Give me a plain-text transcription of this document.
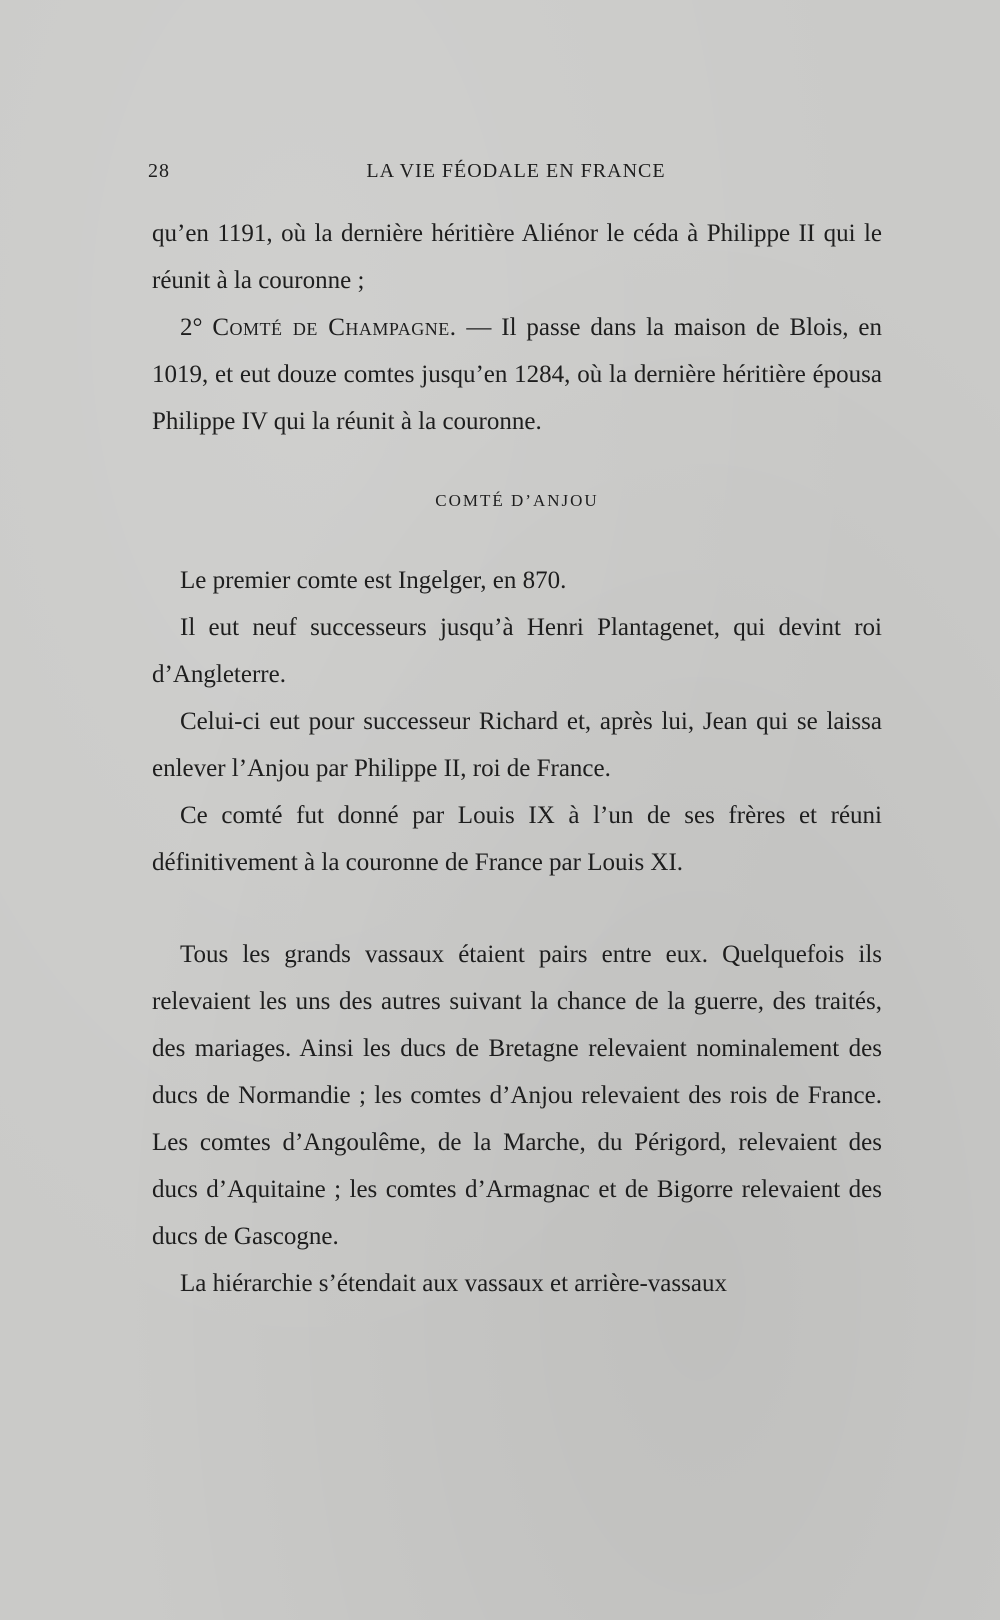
28	LA VIE FÉODALE EN FRANCE

qu’en 1191, où la dernière héritière Aliénor le céda à Philippe II qui le réunit à la couronne ;

2° Comté de Champagne. — Il passe dans la maison de Blois, en 1019, et eut douze comtes jusqu’en 1284, où la dernière héritière épousa Philippe IV qui la réunit à la couronne.

COMTÉ D’ANJOU

Le premier comte est Ingelger, en 870.

Il eut neuf successeurs jusqu’à Henri Plantagenet, qui devint roi d’Angleterre.

Celui-ci eut pour successeur Richard et, après lui, Jean qui se laissa enlever l’Anjou par Philippe II, roi de France.

Ce comté fut donné par Louis IX à l’un de ses frères et réuni définitivement à la couronne de France par Louis XI.

Tous les grands vassaux étaient pairs entre eux. Quelquefois ils relevaient les uns des autres suivant la chance de la guerre, des traités, des mariages. Ainsi les ducs de Bretagne relevaient nominalement des ducs de Normandie ; les comtes d’Anjou relevaient des rois de France. Les comtes d’Angoulême, de la Marche, du Périgord, relevaient des ducs d’Aquitaine ; les comtes d’Armagnac et de Bigorre relevaient des ducs de Gascogne.

La hiérarchie s’étendait aux vassaux et arrière-vassaux
